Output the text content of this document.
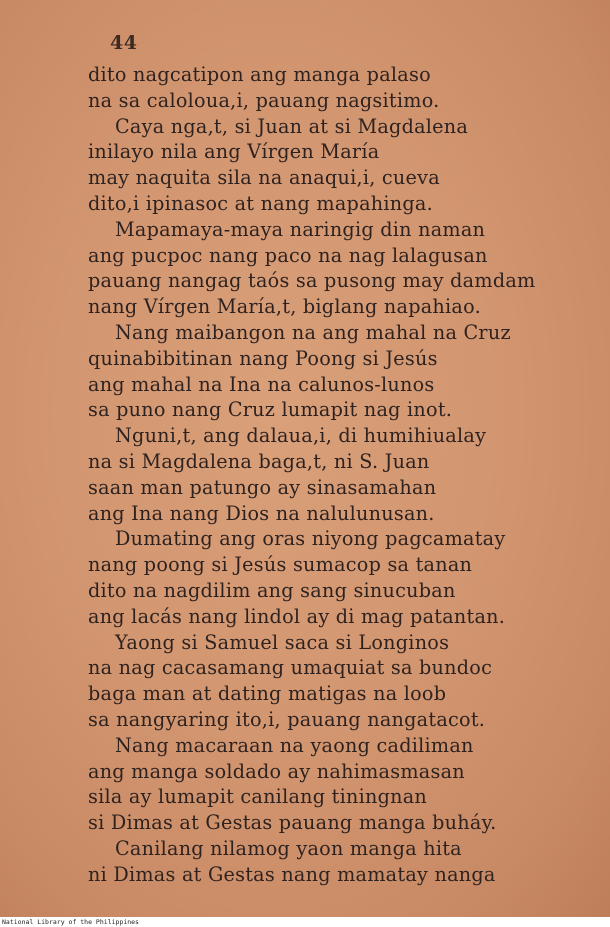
44
dito nagcatipon ang manga palaso
na sa caloloua,i, pauang nagsitimo.
Caya nga,t, si Juan at si Magdalena
inilayo nila ang Vírgen María
may naquita sila na anaqui,i, cueva
dito,i ipinasoc at nang mapahinga.
Mapamaya-maya naringig din naman
ang pucpoc nang paco na nag lalagusan
pauang nangag taós sa pusong may damdam
nang Vírgen María,t, biglang napahiao.
Nang maibangon na ang mahal na Cruz
quinabibitinan nang Poong si Jesús
ang mahal na Ina na calunos-lunos
sa puno nang Cruz lumapit nag inot.
Nguni,t, ang dalaua,i, di humihiualay
na si Magdalena baga,t, ni S. Juan
saan man patungo ay sinasamahan
ang Ina nang Dios na nalulunusan.
Dumating ang oras niyong pagcamatay
nang poong si Jesús sumacop sa tanan
dito na nagdilim ang sang sinucuban
ang lacás nang lindol ay di mag patantan.
Yaong si Samuel saca si Longinos
na nag cacasamang umaquiat sa bundoc
baga man at dating matigas na loob
sa nangyaring ito,i, pauang nangatacot.
Nang macaraan na yaong cadiliman
ang manga soldado ay nahimasmasan
sila ay lumapit canilang tiningnan
si Dimas at Gestas pauang manga buháy.
Canilang nilamog yaon manga hita
ni Dimas at Gestas nang mamatay nanga
National Library of the Philippines
